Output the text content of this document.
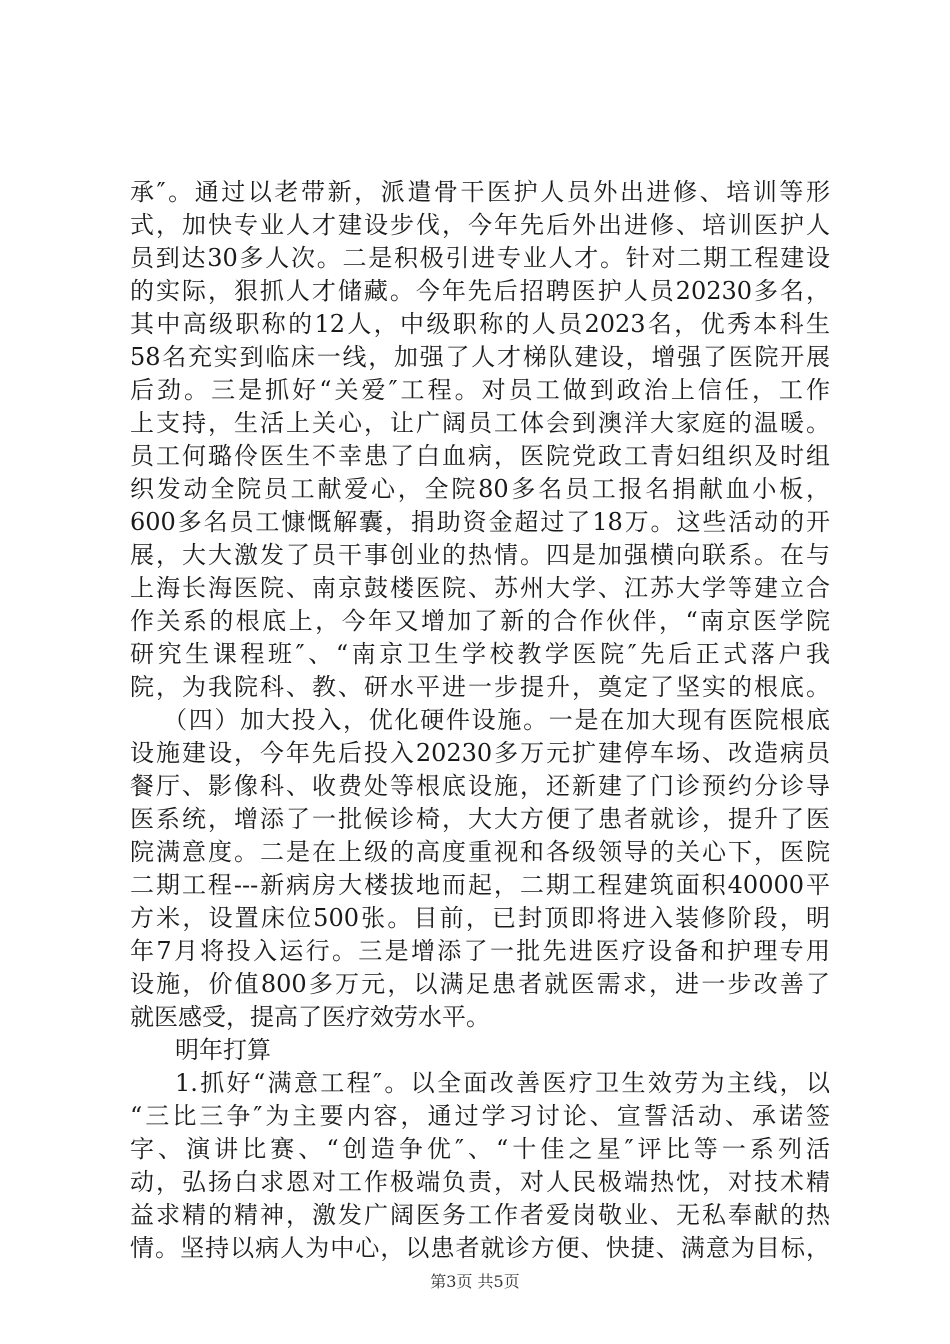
承″。通过以老带新，派遣骨干医护人员外出进修、培训等形
式，加快专业人才建设步伐，今年先后外出进修、培训医护人
员到达30多人次。二是积极引进专业人才。针对二期工程建设
的实际，狠抓人才储藏。今年先后招聘医护人员20230多名，
其中高级职称的12人，中级职称的人员2023名，优秀本科生
58名充实到临床一线，加强了人才梯队建设，增强了医院开展
后劲。三是抓好“关爱″工程。对员工做到政治上信任，工作
上支持，生活上关心，让广阔员工体会到澳洋大家庭的温暖。
员工何璐伶医生不幸患了白血病，医院党政工青妇组织及时组
织发动全院员工献爱心，全院80多名员工报名捐献血小板，
600多名员工慷慨解囊，捐助资金超过了18万。这些活动的开
展，大大激发了员干事创业的热情。四是加强横向联系。在与
上海长海医院、南京鼓楼医院、苏州大学、江苏大学等建立合
作关系的根底上，今年又增加了新的合作伙伴，“南京医学院
研究生课程班″、“南京卫生学校教学医院″先后正式落户我
院，为我院科、教、研水平进一步提升，奠定了坚实的根底。
（四）加大投入，优化硬件设施。一是在加大现有医院根底
设施建设，今年先后投入20230多万元扩建停车场、改造病员
餐厅、影像科、收费处等根底设施，还新建了门诊预约分诊导
医系统，增添了一批候诊椅，大大方便了患者就诊，提升了医
院满意度。二是在上级的高度重视和各级领导的关心下，医院
二期工程---新病房大楼拔地而起，二期工程建筑面积40000平
方米，设置床位500张。目前，已封顶即将进入装修阶段，明
年7月将投入运行。三是增添了一批先进医疗设备和护理专用
设施，价值800多万元，以满足患者就医需求，进一步改善了
就医感受，提高了医疗效劳水平。
明年打算
1.抓好“满意工程″。以全面改善医疗卫生效劳为主线，以
“三比三争″为主要内容，通过学习讨论、宣誓活动、承诺签
字、演讲比赛、“创造争优″、“十佳之星″评比等一系列活
动，弘扬白求恩对工作极端负责，对人民极端热忱，对技术精
益求精的精神，激发广阔医务工作者爱岗敬业、无私奉献的热
情。坚持以病人为中心，以患者就诊方便、快捷、满意为目标，
第3页 共5页
